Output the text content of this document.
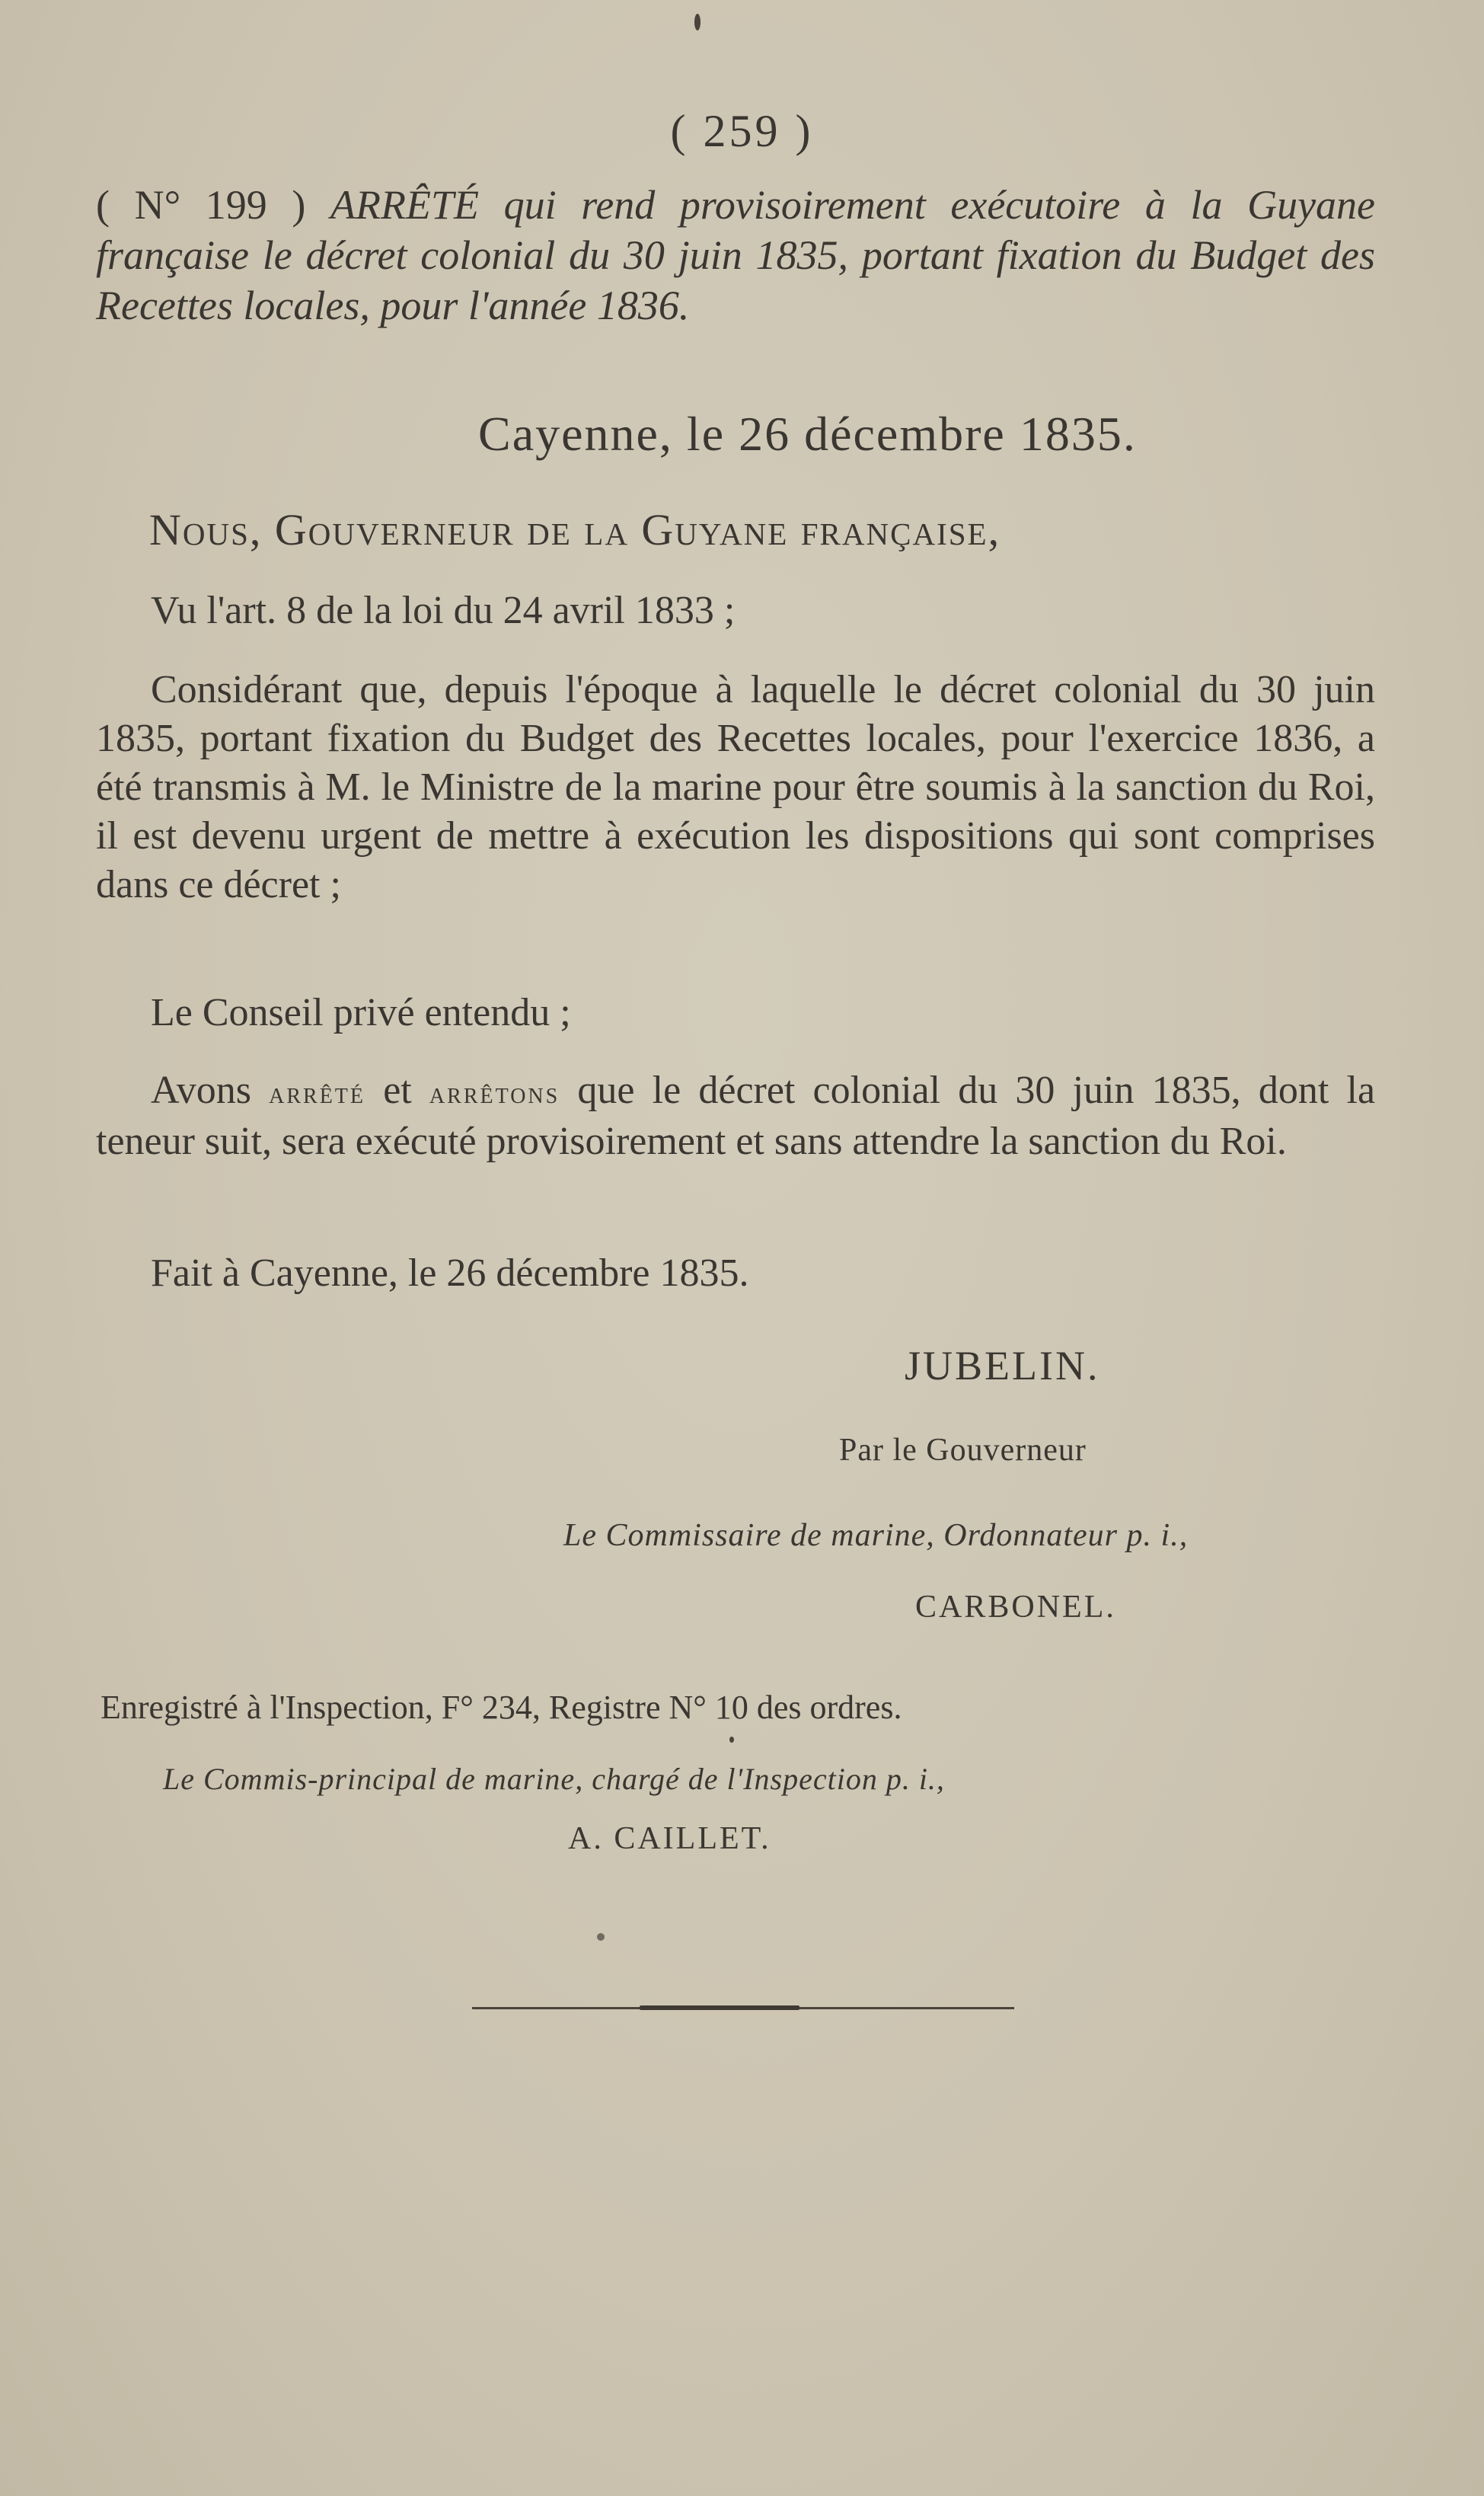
( 259 )
( N° 199 ) ARRÊTÉ qui rend provisoirement exécutoire à la Guyane française le décret colonial du 30 juin 1835, portant fixation du Budget des Recettes locales, pour l'année 1836.
Cayenne, le 26 décembre 1835.
Nous, Gouverneur de la Guyane française,
Vu l'art. 8 de la loi du 24 avril 1833 ;
Considérant que, depuis l'époque à laquelle le décret colonial du 30 juin 1835, portant fixation du Budget des Recettes locales, pour l'exercice 1836, a été transmis à M. le Ministre de la marine pour être soumis à la sanction du Roi, il est devenu urgent de mettre à exécution les dispositions qui sont comprises dans ce décret ;
Le Conseil privé entendu ;
Avons arrêté et arrêtons que le décret colonial du 30 juin 1835, dont la teneur suit, sera exécuté provisoirement et sans attendre la sanction du Roi.
Fait à Cayenne, le 26 décembre 1835.
JUBELIN.
Par le Gouverneur
Le Commissaire de marine, Ordonnateur p. i.,
CARBONEL.
Enregistré à l'Inspection, F° 234, Registre N° 10 des ordres.
Le Commis-principal de marine, chargé de l'Inspection p. i.,
A. CAILLET.
